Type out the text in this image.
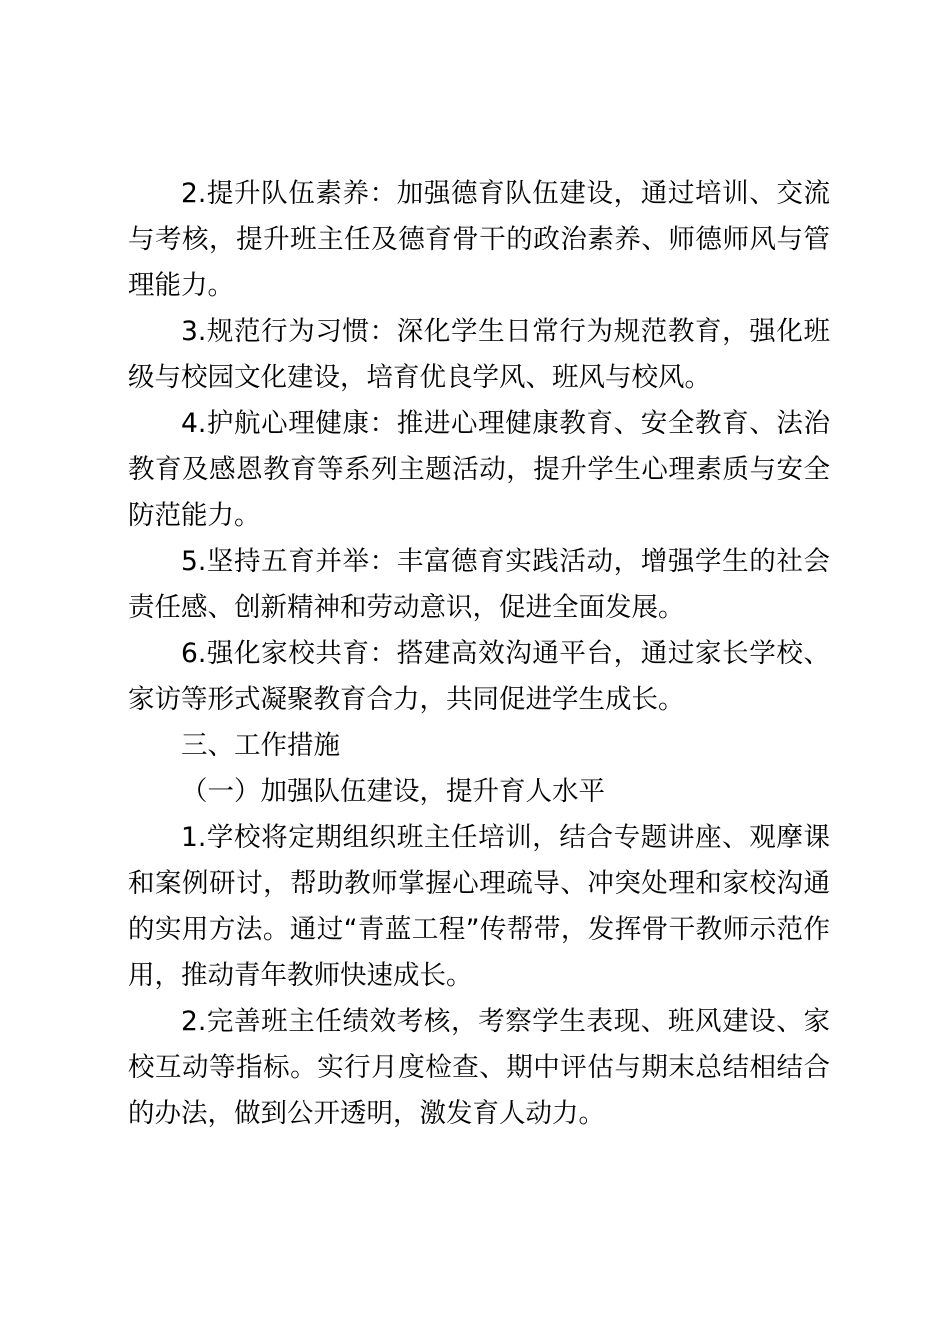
2.提升队伍素养：加强德育队伍建设，通过培训、交流与考核，提升班主任及德育骨干的政治素养、师德师风与管理能力。

3.规范行为习惯：深化学生日常行为规范教育，强化班级与校园文化建设，培育优良学风、班风与校风。

4.护航心理健康：推进心理健康教育、安全教育、法治教育及感恩教育等系列主题活动，提升学生心理素质与安全防范能力。

5.坚持五育并举：丰富德育实践活动，增强学生的社会责任感、创新精神和劳动意识，促进全面发展。

6.强化家校共育：搭建高效沟通平台，通过家长学校、家访等形式凝聚教育合力，共同促进学生成长。

三、工作措施

（一）加强队伍建设，提升育人水平

1.学校将定期组织班主任培训，结合专题讲座、观摩课和案例研讨，帮助教师掌握心理疏导、冲突处理和家校沟通的实用方法。通过“青蓝工程”传帮带，发挥骨干教师示范作用，推动青年教师快速成长。

2.完善班主任绩效考核，考察学生表现、班风建设、家校互动等指标。实行月度检查、期中评估与期末总结相结合的办法，做到公开透明，激发育人动力。
